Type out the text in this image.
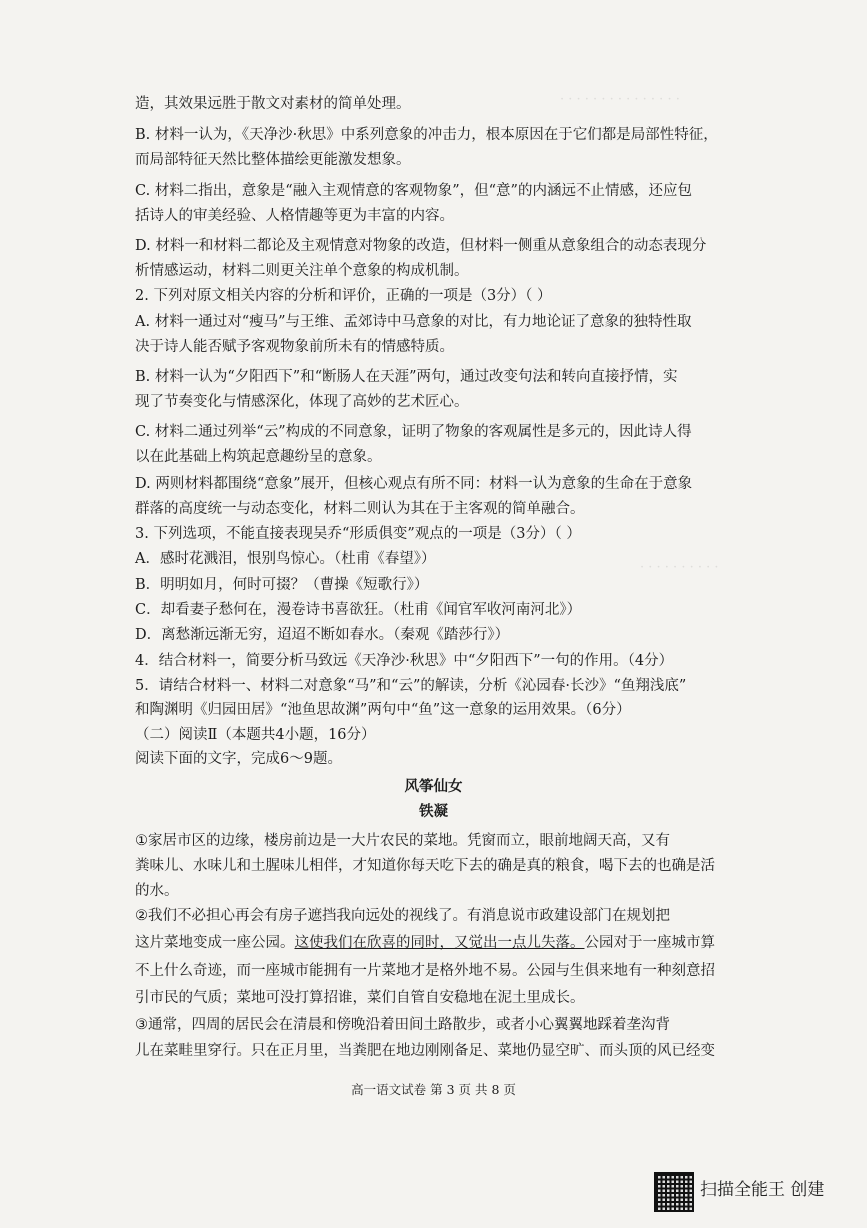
· · · · · · · · · · · · · · ·
· · · · · · · · · ·
造，其效果远胜于散文对素材的简单处理。
B. 材料一认为，《天净沙·秋思》中系列意象的冲击力，根本原因在于它们都是局部性特征，
而局部特征天然比整体描绘更能激发想象。
C. 材料二指出，意象是“融入主观情意的客观物象”，但“意”的内涵远不止情感，还应包
括诗人的审美经验、人格情趣等更为丰富的内容。
D. 材料一和材料二都论及主观情意对物象的改造，但材料一侧重从意象组合的动态表现分
析情感运动，材料二则更关注单个意象的构成机制。
2. 下列对原文相关内容的分析和评价，正确的一项是（3分）（ ）
A. 材料一通过对“瘦马”与王维、孟郊诗中马意象的对比，有力地论证了意象的独特性取
决于诗人能否赋予客观物象前所未有的情感特质。
B. 材料一认为“夕阳西下”和“断肠人在天涯”两句，通过改变句法和转向直接抒情，实
现了节奏变化与情感深化，体现了高妙的艺术匠心。
C. 材料二通过列举“云”构成的不同意象，证明了物象的客观属性是多元的，因此诗人得
以在此基础上构筑起意趣纷呈的意象。
D. 两则材料都围绕“意象”展开，但核心观点有所不同：材料一认为意象的生命在于意象
群落的高度统一与动态变化，材料二则认为其在于主客观的简单融合。
3. 下列选项，不能直接表现吴乔“形质俱变”观点的一项是（3分）（ ）
A．感时花溅泪，恨别鸟惊心。（杜甫《春望》）
B．明明如月，何时可掇？（曹操《短歌行》）
C．却看妻子愁何在，漫卷诗书喜欲狂。（杜甫《闻官军收河南河北》）
D．离愁渐远渐无穷，迢迢不断如春水。（秦观《踏莎行》）
4．结合材料一，简要分析马致远《天净沙·秋思》中“夕阳西下”一句的作用。（4分）
5．请结合材料一、材料二对意象“马”和“云”的解读，分析《沁园春·长沙》“鱼翔浅底”
和陶渊明《归园田居》“池鱼思故渊”两句中“鱼”这一意象的运用效果。（6分）
（二）阅读Ⅱ（本题共4小题，16分）
阅读下面的文字，完成6～9题。
风筝仙女
铁凝
①家居市区的边缘，楼房前边是一大片农民的菜地。凭窗而立，眼前地阔天高，又有
粪味儿、水味儿和土腥味儿相伴，才知道你每天吃下去的确是真的粮食，喝下去的也确是活
的水。
②我们不必担心再会有房子遮挡我向远处的视线了。有消息说市政建设部门在规划把
这片菜地变成一座公园。这使我们在欣喜的同时，又觉出一点儿失落。公园对于一座城市算
不上什么奇迹，而一座城市能拥有一片菜地才是格外地不易。公园与生俱来地有一种刻意招
引市民的气质；菜地可没打算招谁，菜们自管自安稳地在泥土里成长。
③通常，四周的居民会在清晨和傍晚沿着田间土路散步，或者小心翼翼地踩着垄沟背
儿在菜畦里穿行。只在正月里，当粪肥在地边刚刚备足、菜地仍显空旷、而头顶的风已经变
高一语文试卷 第 3 页 共 8 页
扫描全能王 创建
